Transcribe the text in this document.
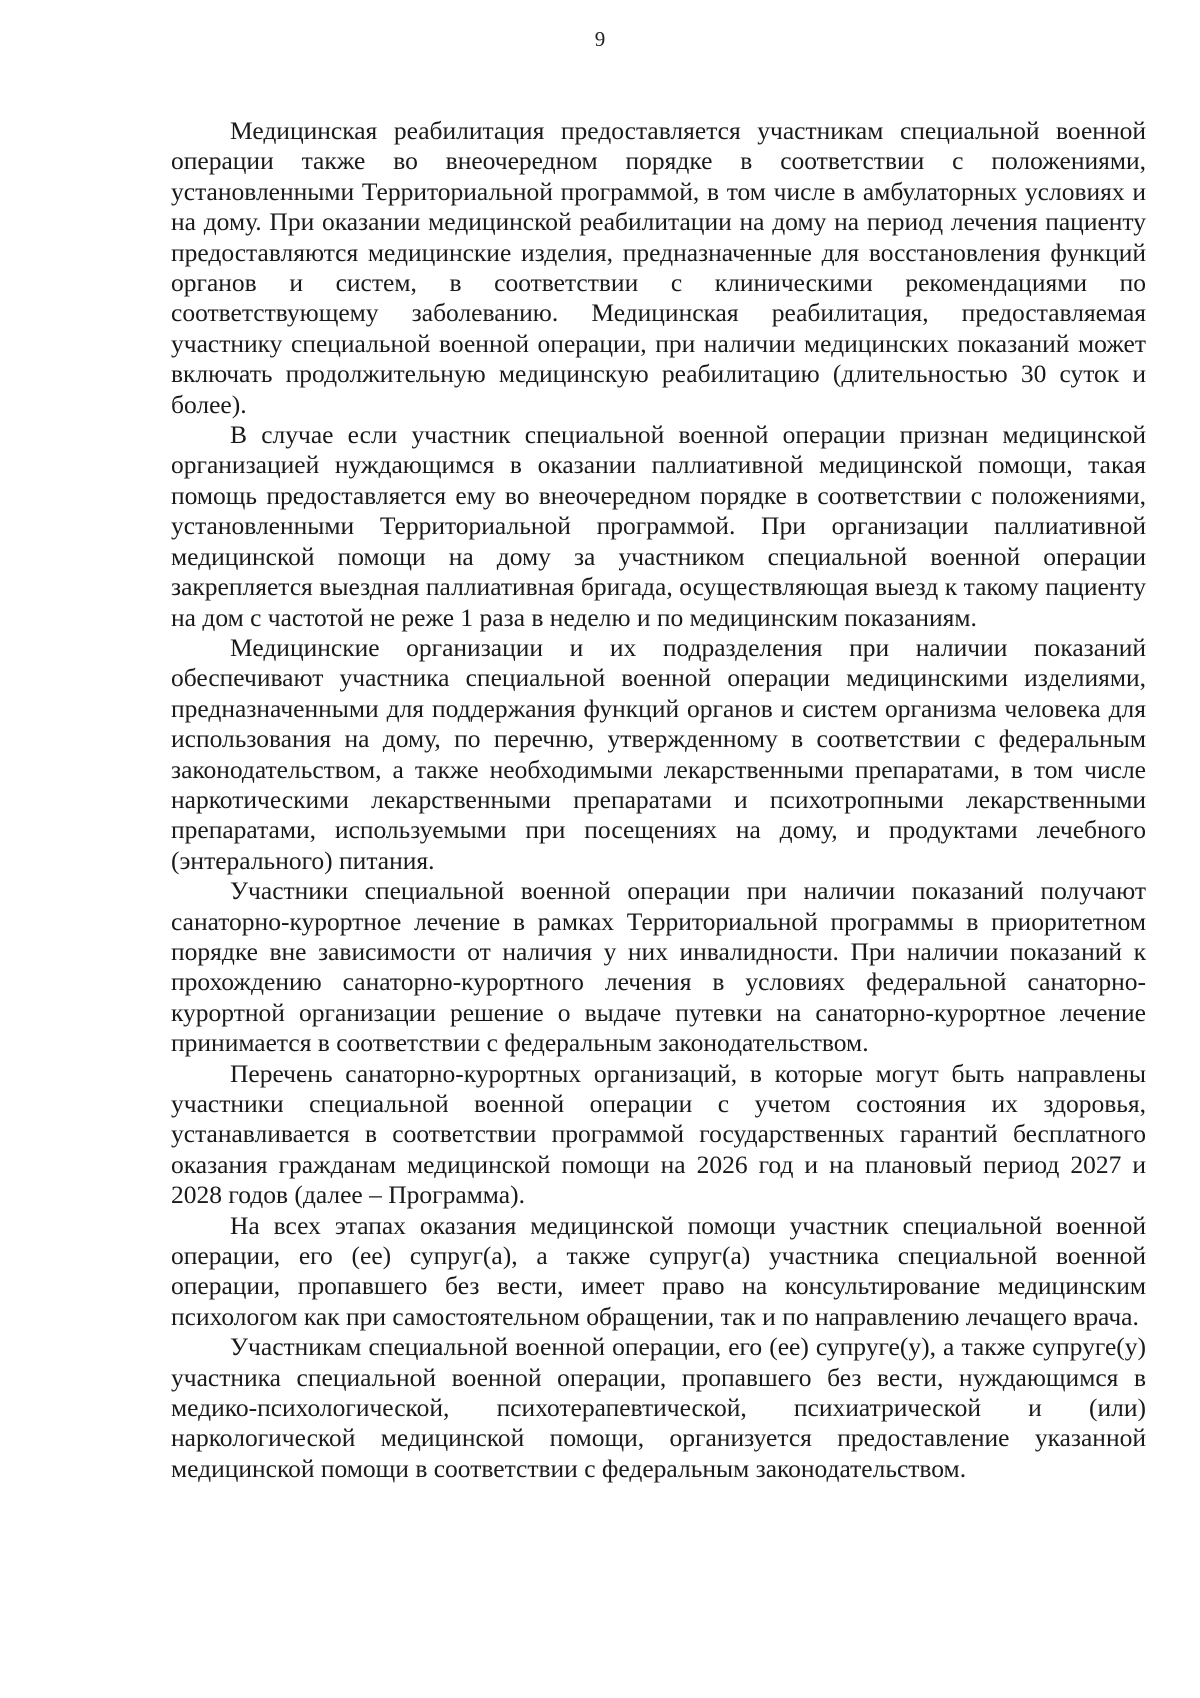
9

Медицинская реабилитация предоставляется участникам специальной военной операции также во внеочередном порядке в соответствии с положениями, установленными Территориальной программой, в том числе в амбулаторных условиях и на дому. При оказании медицинской реабилитации на дому на период лечения пациенту предоставляются медицинские изделия, предназначенные для восстановления функций органов и систем, в соответствии с клиническими рекомендациями по соответствующему заболеванию. Медицинская реабилитация, предоставляемая участнику специальной военной операции, при наличии медицинских показаний может включать продолжительную медицинскую реабилитацию (длительностью 30 суток и более).

В случае если участник специальной военной операции признан медицинской организацией нуждающимся в оказании паллиативной медицинской помощи, такая помощь предоставляется ему во внеочередном порядке в соответствии с положениями, установленными Территориальной программой. При организации паллиативной медицинской помощи на дому за участником специальной военной операции закрепляется выездная паллиативная бригада, осуществляющая выезд к такому пациенту на дом с частотой не реже 1 раза в неделю и по медицинским показаниям.

Медицинские организации и их подразделения при наличии показаний обеспечивают участника специальной военной операции медицинскими изделиями, предназначенными для поддержания функций органов и систем организма человека для использования на дому, по перечню, утвержденному в соответствии с федеральным законодательством, а также необходимыми лекарственными препаратами, в том числе наркотическими лекарственными препаратами и психотропными лекарственными препаратами, используемыми при посещениях на дому, и продуктами лечебного (энтерального) питания.

Участники специальной военной операции при наличии показаний получают санаторно-курортное лечение в рамках Территориальной программы в приоритетном порядке вне зависимости от наличия у них инвалидности. При наличии показаний к прохождению санаторно-курортного лечения в условиях федеральной санаторно-курортной организации решение о выдаче путевки на санаторно-курортное лечение принимается в соответствии с федеральным законодательством.

Перечень санаторно-курортных организаций, в которые могут быть направлены участники специальной военной операции с учетом состояния их здоровья, устанавливается в соответствии программой государственных гарантий бесплатного оказания гражданам медицинской помощи на 2026 год и на плановый период 2027 и 2028 годов (далее – Программа).

На всех этапах оказания медицинской помощи участник специальной военной операции, его (ее) супруг(а), а также супруг(а) участника специальной военной операции, пропавшего без вести, имеет право на консультирование медицинским психологом как при самостоятельном обращении, так и по направлению лечащего врача.

Участникам специальной военной операции, его (ее) супруге(у), а также супруге(у) участника специальной военной операции, пропавшего без вести, нуждающимся в медико-психологической, психотерапевтической, психиатрической и (или) наркологической медицинской помощи, организуется предоставление указанной медицинской помощи в соответствии с федеральным законодательством.
